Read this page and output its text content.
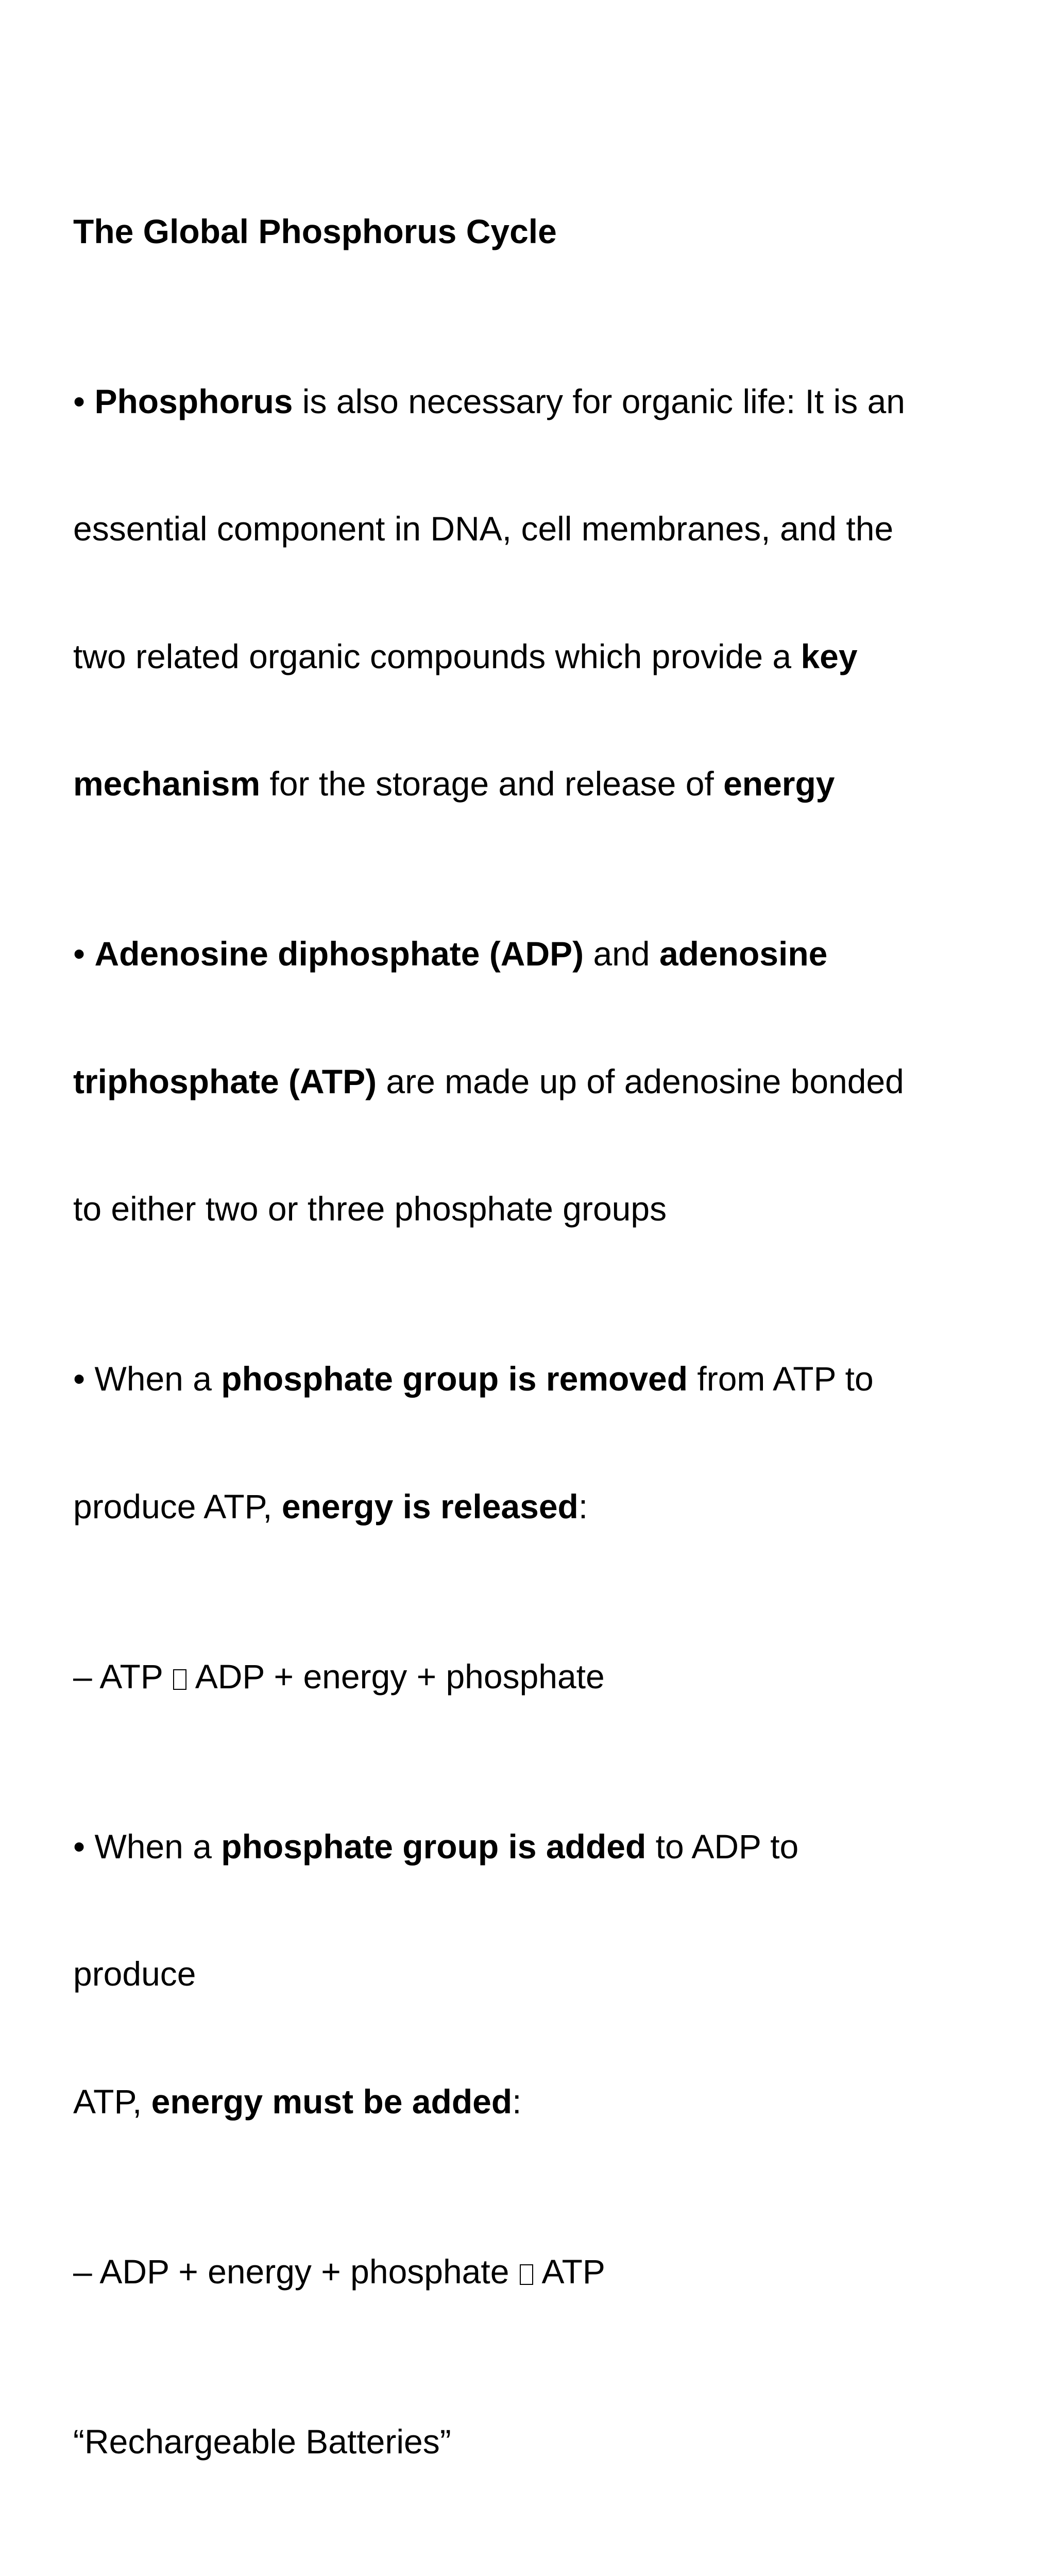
The Global Phosphorus Cycle

• Phosphorus is also necessary for organic life: It is an

essential component in DNA, cell membranes, and the

two related organic compounds which provide a key

mechanism for the storage and release of energy

• Adenosine diphosphate (ADP) and adenosine

triphosphate (ATP) are made up of adenosine bonded

to either two or three phosphate groups

• When a phosphate group is removed from ATP to

produce ATP, energy is released:

– ATP  ADP + energy + phosphate

• When a phosphate group is added to ADP to

produce

ATP, energy must be added:

– ADP + energy + phosphate  ATP

“Rechargeable Batteries”
